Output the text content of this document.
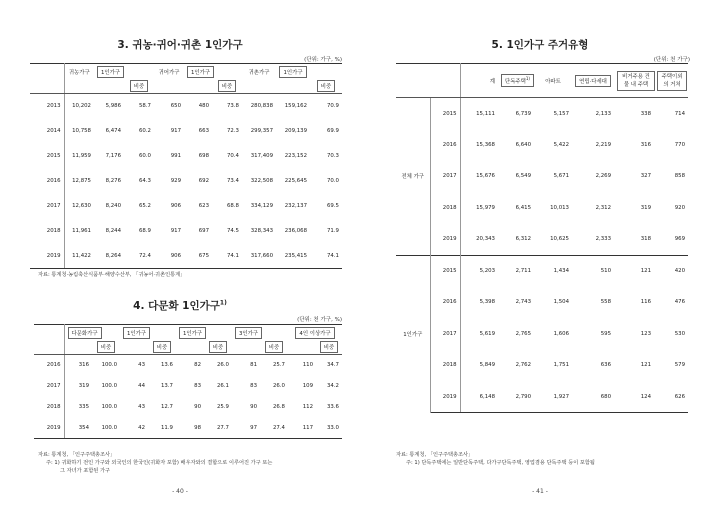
3. 귀농·귀어·귀촌 1인가구
(단위: 가구, %)
	귀농가구	1인가구		귀어가구	1인가구		귀촌가구	1인가구	
			비중			비중			비중
2013	10,202	5,986	58.7	650	480	73.8	280,838	159,162	70.9
2014	10,758	6,474	60.2	917	663	72.3	299,357	209,139	69.9
2015	11,959	7,176	60.0	991	698	70.4	317,409	223,152	70.3
2016	12,875	8,276	64.3	929	692	73.4	322,508	225,645	70.0
2017	12,630	8,240	65.2	906	623	68.8	334,129	232,137	69.5
2018	11,961	8,244	68.9	917	697	74.5	328,343	236,068	71.9
2019	11,422	8,264	72.4	906	675	74.1	317,660	235,415	74.1
자료: 통계청·농림축산식품부·해양수산부, 「귀농어·귀촌인통계」
4. 다문화 1인가구$^{1)}$
(단위: 천 가구, %)
	다문화가구		1인가구		1인가구		3인가구		4인 이상가구	
		비중		비중		비중		비중		비중
2016	316	100.0	43	13.6	82	26.0	81	25.7	110	34.7
2017	319	100.0	44	13.7	83	26.1	83	26.0	109	34.2
2018	335	100.0	43	12.7	90	25.9	90	26.8	112	33.6
2019	354	100.0	42	11.9	98	27.7	97	27.4	117	33.0
자료: 통계청, 「인구주택총조사」
주: 1) 귀화하기 전인 가구와 외국인의 한국인(귀화자 포함) 배우자와의 결합으로 이루어진 가구 또는
그 자녀가 포함된 가구
- 40 -
5. 1인가구 주거유형
(단위: 천 가구)
		계	단독주택$^{1)}$	아파트	연립·다세대	비거주용 건물 내 주택	주택이외의 거처
전체 가구	2015	15,111	6,739	5,157	2,133	338	714
	2016	15,368	6,640	5,422	2,219	316	770
	2017	15,676	6,549	5,671	2,269	327	858
	2018	15,979	6,415	10,013	2,312	319	920
	2019	20,343	6,312	10,625	2,333	318	969
1인가구	2015	5,203	2,711	1,434	510	121	420
	2016	5,398	2,743	1,504	558	116	476
	2017	5,619	2,765	1,606	595	123	530
	2018	5,849	2,762	1,751	636	121	579
	2019	6,148	2,790	1,927	680	124	626
자료: 통계청, 「인구주택총조사」
주: 1) 단독주택에는 일반단독주택, 다가구단독주택, 영업겸용 단독주택 등이 포함됨
- 41 -
